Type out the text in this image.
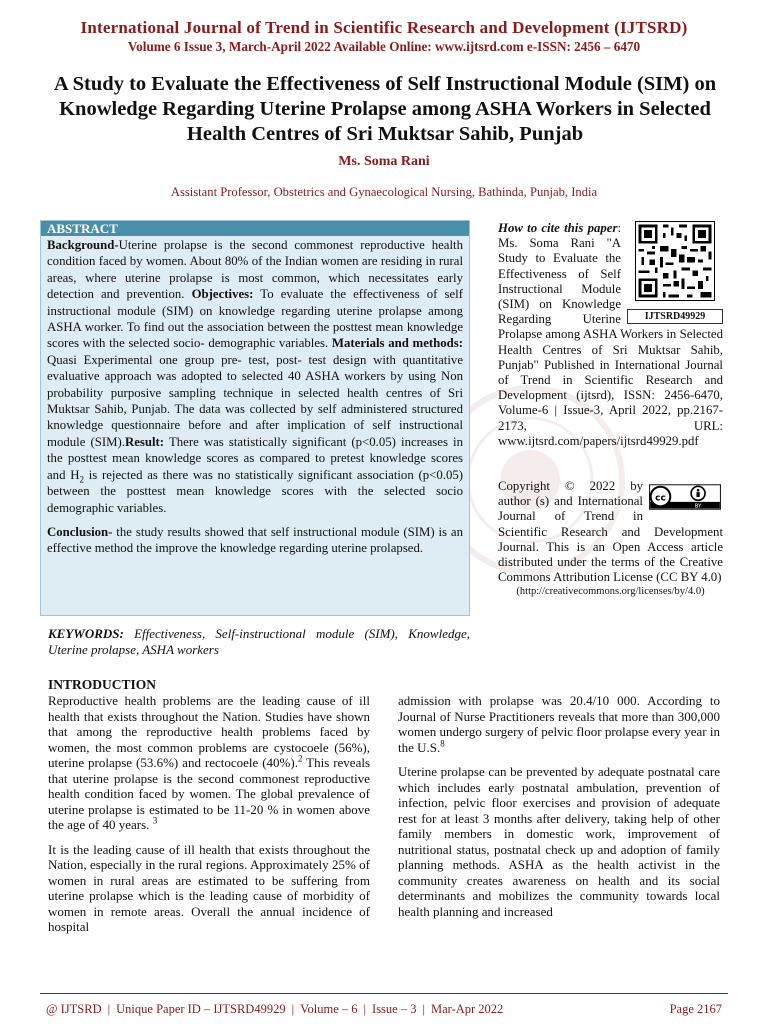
International Journal of Trend in Scientific Research and Development (IJTSRD)
Volume 6 Issue 3, March-April 2022 Available Online: www.ijtsrd.com e-ISSN: 2456 – 6470
A Study to Evaluate the Effectiveness of Self Instructional Module (SIM) on Knowledge Regarding Uterine Prolapse among ASHA Workers in Selected Health Centres of Sri Muktsar Sahib, Punjab
Ms. Soma Rani
Assistant Professor, Obstetrics and Gynaecological Nursing, Bathinda, Punjab, India
ABSTRACT

Background-Uterine prolapse is the second commonest reproductive health condition faced by women. About 80% of the Indian women are residing in rural areas, where uterine prolapse is most common, which necessitates early detection and prevention. Objectives: To evaluate the effectiveness of self instructional module (SIM) on knowledge regarding uterine prolapse among ASHA worker. To find out the association between the posttest mean knowledge scores with the selected socio- demographic variables. Materials and methods: Quasi Experimental one group pre- test, post- test design with quantitative evaluative approach was adopted to selected 40 ASHA workers by using Non probability purposive sampling technique in selected health centres of Sri Muktsar Sahib, Punjab. The data was collected by self administered structured knowledge questionnaire before and after implication of self instructional module (SIM).Result: There was statistically significant (p<0.05) increases in the posttest mean knowledge scores as compared to pretest knowledge scores and $H_2$ is rejected as there was no statistically significant association (p<0.05) between the posttest mean knowledge scores with the selected socio demographic variables.

Conclusion- the study results showed that self instructional module (SIM) is an effective method the improve the knowledge regarding uterine prolapsed.

KEYWORDS: Effectiveness, Self-instructional module (SIM), Knowledge, Uterine prolapse, ASHA workers
IJTSRD49929
How to cite this paper: Ms. Soma Rani "A Study to Evaluate the Effectiveness of Self Instructional Module (SIM) on Knowledge Regarding Uterine Prolapse among ASHA Workers in Selected Health Centres of Sri Muktsar Sahib, Punjab" Published in International Journal of Trend in Scientific Research and Development (ijtsrd), ISSN: 2456-6470, Volume-6 | Issue-3, April 2022, pp.2167-2173, URL: www.ijtsrd.com/papers/ijtsrd49929.pdf
cc
BY
Copyright © 2022 by author (s) and International Journal of Trend in Scientific Research and Development Journal. This is an Open Access article distributed under the terms of the Creative Commons Attribution License (CC BY 4.0)
(http://creativecommons.org/licenses/by/4.0)
INTRODUCTION

Reproductive health problems are the leading cause of ill health that exists throughout the Nation. Studies have shown that among the reproductive health problems faced by women, the most common problems are cystocoele (56%), uterine prolapse (53.6%) and rectocoele (40%).$^2$ This reveals that uterine prolapse is the second commonest reproductive health condition faced by women. The global prevalence of uterine prolapse is estimated to be 11-20 % in women above the age of 40 years. $^3$

It is the leading cause of ill health that exists throughout the Nation, especially in the rural regions. Approximately 25% of women in rural areas are estimated to be suffering from uterine prolapse which is the leading cause of morbidity of women in remote areas. Overall the annual incidence of hospital

admission with prolapse was 20.4/10 000. According to Journal of Nurse Practitioners reveals that more than 300,000 women undergo surgery of pelvic floor prolapse every year in the U.S.$^8$

Uterine prolapse can be prevented by adequate postnatal care which includes early postnatal ambulation, prevention of infection, pelvic floor exercises and provision of adequate rest for at least 3 months after delivery, taking help of other family members in domestic work, improvement of nutritional status, postnatal check up and adoption of family planning methods. ASHA as the health activist in the community creates awareness on health and its social determinants and mobilizes the community towards local health planning and increased

@ IJTSRD | Unique Paper ID – IJTSRD49929 | Volume – 6 | Issue – 3 | Mar-Apr 2022	Page 2167
